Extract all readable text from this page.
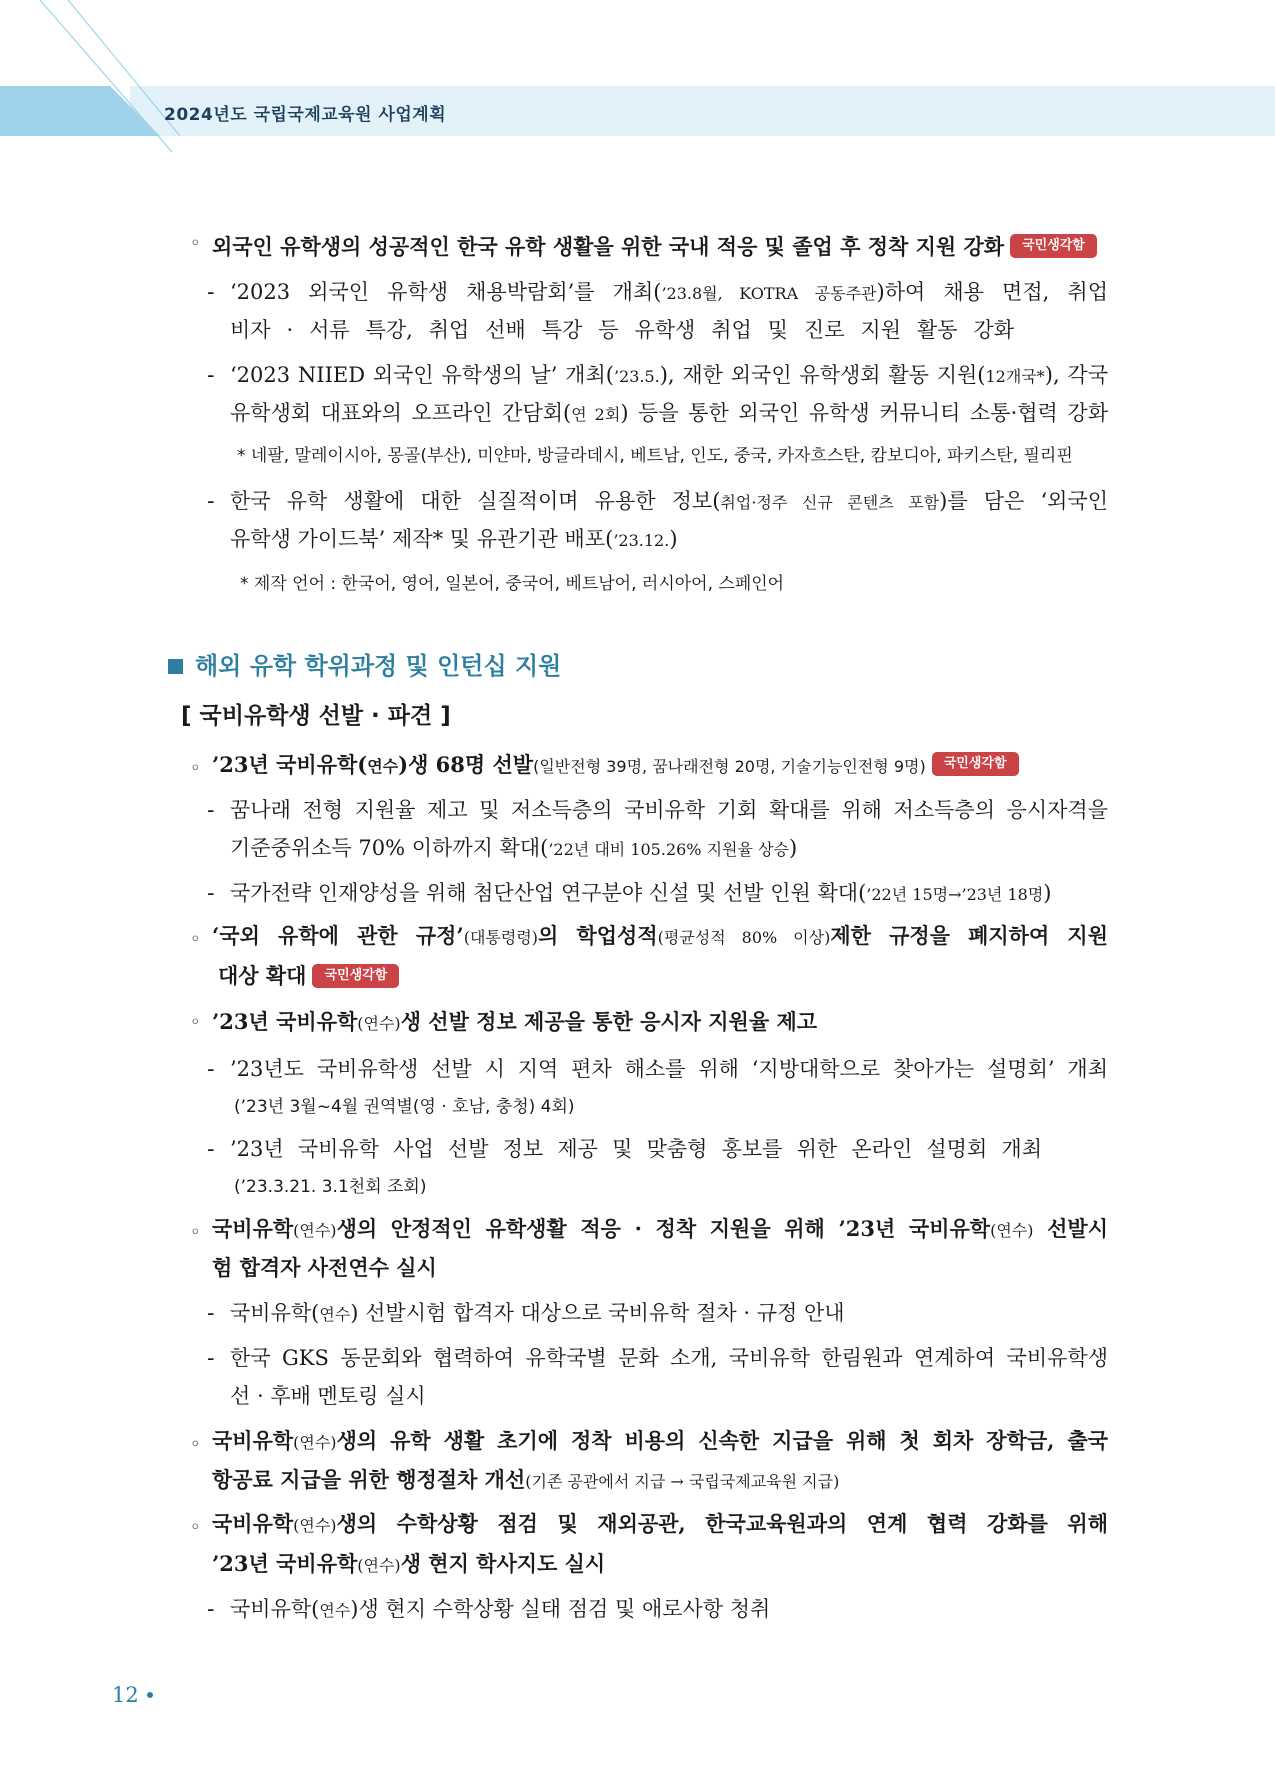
2024년도 국립국제교육원 사업계획
◦ 외국인 유학생의 성공적인 한국 유학 생활을 위한 국내 적응 및 졸업 후 정착 지원 강화 국민생각함
- ‘2023 외국인 유학생 채용박람회’를 개최(’23.8월, KOTRA 공동주관)하여 채용 면접, 취업
비자 · 서류 특강, 취업 선배 특강 등 유학생 취업 및 진로 지원 활동 강화
- ‘2023 NIIED 외국인 유학생의 날’ 개최(’23.5.), 재한 외국인 유학생회 활동 지원(12개국*), 각국
유학생회 대표와의 오프라인 간담회(연 2회) 등을 통한 외국인 유학생 커뮤니티 소통·협력 강화
* 네팔, 말레이시아, 몽골(부산), 미얀마, 방글라데시, 베트남, 인도, 중국, 카자흐스탄, 캄보디아, 파키스탄, 필리핀
- 한국 유학 생활에 대한 실질적이며 유용한 정보(취업·정주 신규 콘텐츠 포함)를 담은 ‘외국인
유학생 가이드북’ 제작* 및 유관기관 배포(’23.12.)
* 제작 언어 : 한국어, 영어, 일본어, 중국어, 베트남어, 러시아어, 스페인어
해외 유학 학위과정 및 인턴십 지원
[ 국비유학생 선발 · 파견 ]
◦ ’23년 국비유학(연수)생 68명 선발(일반전형 39명, 꿈나래전형 20명, 기술기능인전형 9명) 국민생각함
- 꿈나래 전형 지원율 제고 및 저소득층의 국비유학 기회 확대를 위해 저소득층의 응시자격을
기준중위소득 70% 이하까지 확대(’22년 대비 105.26% 지원율 상승)
- 국가전략 인재양성을 위해 첨단산업 연구분야 신설 및 선발 인원 확대(’22년 15명→’23년 18명)
◦ ‘국외 유학에 관한 규정’(대통령령)의 학업성적(평균성적 80% 이상)제한 규정을 폐지하여 지원
대상 확대 국민생각함
◦ ’23년 국비유학(연수)생 선발 정보 제공을 통한 응시자 지원율 제고
- ’23년도 국비유학생 선발 시 지역 편차 해소를 위해 ‘지방대학으로 찾아가는 설명회’ 개최
(’23년 3월~4월 권역별(영 · 호남, 충청) 4회)
- ’23년 국비유학 사업 선발 정보 제공 및 맞춤형 홍보를 위한 온라인 설명회 개최
(’23.3.21. 3.1천회 조회)
◦ 국비유학(연수)생의 안정적인 유학생활 적응 · 정착 지원을 위해 ’23년 국비유학(연수) 선발시
험 합격자 사전연수 실시
- 국비유학(연수) 선발시험 합격자 대상으로 국비유학 절차 · 규정 안내
- 한국 GKS 동문회와 협력하여 유학국별 문화 소개, 국비유학 한림원과 연계하여 국비유학생
선 · 후배 멘토링 실시
◦ 국비유학(연수)생의 유학 생활 초기에 정착 비용의 신속한 지급을 위해 첫 회차 장학금, 출국
항공료 지급을 위한 행정절차 개선(기존 공관에서 지급 → 국립국제교육원 지급)
◦ 국비유학(연수)생의 수학상황 점검 및 재외공관, 한국교육원과의 연계 협력 강화를 위해
’23년 국비유학(연수)생 현지 학사지도 실시
- 국비유학(연수)생 현지 수학상황 실태 점검 및 애로사항 청취
12
